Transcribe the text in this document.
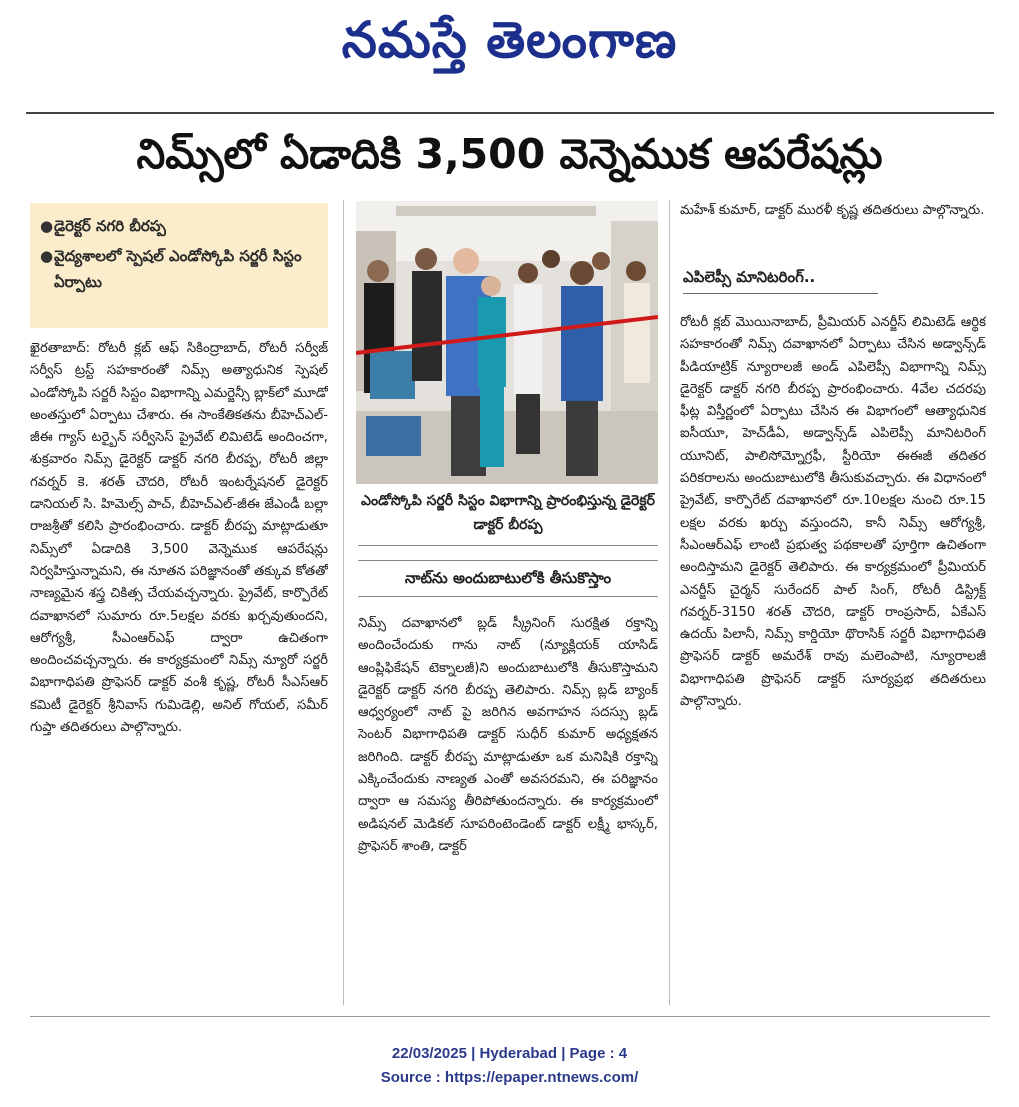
నమస్తే తెలంగాణ
నిమ్స్‌లో ఏడాదికి 3,500 వెన్నెముక ఆపరేషన్లు
● డైరెక్టర్‌ నగరి బీరప్ప
● వైద్యశాలలో స్పెషల్‌ ఎండోస్కోపి సర్జరీ సిస్టం ఏర్పాటు
ఖైరతాబాద్‌: రోటరీ క్లబ్‌ ఆఫ్‌ సికింద్రాబాద్‌, రోటరీ సర్వీజ్‌ సర్వీస్‌ ట్రస్ట్‌ సహకారంతో నిమ్స్‌ అత్యాధునిక స్పెషల్‌ ఎండోస్కోపి సర్జరీ సిస్టం విభాగాన్ని ఎమర్జెన్సీ బ్లాక్‌లో మూడో అంతస్తులో ఏర్పాటు చేశారు. ఈ సాంకేతికతను బీహెచ్‌ఎల్‌-జీఈ గ్యాస్‌ టర్బైన్‌ సర్వీసెస్‌ ప్రైవేట్‌ లిమిటెడ్‌ అందించగా, శుక్రవారం నిమ్స్‌ డైరెక్టర్‌ డాక్టర్‌ నగరి బీరప్ప, రోటరీ జిల్లా గవర్నర్‌ కె. శరత్‌ చౌదరి, రోటరీ ఇంటర్నేషనల్‌ డైరెక్టర్‌ డానియల్‌ సి. హిమెల్స్‌ పాచ్‌, బీహెచ్‌ఎల్‌-జీఈ జేఎండీ బల్లా రాజశ్రీతో కలిసి ప్రారంభించారు. డాక్టర్‌ బీరప్ప మాట్లాడుతూ నిమ్స్‌లో ఏడాదికి 3,500 వెన్నెముక ఆపరేషన్లు నిర్వహిస్తున్నామని, ఈ నూతన పరిజ్ఞానంతో తక్కువ కోతతో నాణ్యమైన శస్త్ర చికిత్స చేయవచ్చన్నారు. ప్రైవేట్‌, కార్పొరేట్‌ దవాఖానలో సుమారు రూ.5లక్షల వరకు ఖర్చవుతుందని, ఆరోగ్యశ్రీ, సీఎంఆర్‌ఎఫ్‌ ద్వారా ఉచితంగా అందించవచ్చన్నారు. ఈ కార్యక్రమంలో నిమ్స్‌ న్యూరో సర్జరీ విభాగాధిపతి ప్రొఫెసర్‌ డాక్టర్‌ వంశీ కృష్ణ, రోటరీ సీఎస్‌ఆర్‌ కమిటీ డైరెక్టర్‌ శ్రీనివాస్‌ గుమిడెల్లి, అనిల్‌ గోయల్‌, సమీర్‌ గుప్తా తదితరులు పాల్గొన్నారు.
ఎండోస్కోపి సర్జరీ సిస్టం విభాగాన్ని ప్రారంభిస్తున్న డైరెక్టర్‌ డాక్టర్‌ బీరప్ప
నాట్‌ను అందుబాటులోకి తీసుకొస్తాం
నిమ్స్‌ దవాఖానలో బ్లడ్‌ స్క్రీనింగ్‌ సురక్షిత రక్తాన్ని అందించేందుకు గాను నాట్‌ (న్యూక్లియక్‌ యాసిడ్‌ ఆంప్లిఫికేషన్‌ టెక్నాలజీ)ని అందుబాటులోకి తీసుకొస్తామని డైరెక్టర్‌ డాక్టర్‌ నగరి బీరప్ప తెలిపారు. నిమ్స్‌ బ్లడ్‌ బ్యాంక్‌ ఆధ్వర్యంలో నాట్‌ పై జరిగిన అవగాహన సదస్సు బ్లడ్‌ సెంటర్‌ విభాగాధిపతి డాక్టర్‌ సుధీర్‌ కుమార్‌ అధ్యక్షతన జరిగింది. డాక్టర్‌ బీరప్ప మాట్లాడుతూ ఒక మనిషికి రక్తాన్ని ఎక్కించేందుకు నాణ్యత ఎంతో అవసరమని, ఈ పరిజ్ఞానం ద్వారా ఆ సమస్య తీరిపోతుందన్నారు. ఈ కార్యక్రమంలో అడిషనల్‌ మెడికల్‌ సూపరింటెండెంట్‌ డాక్టర్‌ లక్ష్మీ భాస్కర్‌, ప్రొఫెసర్‌ శాంతి, డాక్టర్‌
మహేశ్‌ కుమార్‌, డాక్టర్‌ మురళీ కృష్ణ తదితరులు పాల్గొన్నారు.
ఎపిలెప్సీ మానిటరింగ్‌..
రోటరీ క్లబ్‌ మొయినాబాద్‌, ప్రీమియర్‌ ఎనర్జీస్‌ లిమిటెడ్‌ ఆర్థిక సహకారంతో నిమ్స్‌ దవాఖానలో ఏర్పాటు చేసిన అడ్వాన్స్‌డ్‌ పీడియాట్రిక్‌ న్యూరాలజీ అండ్‌ ఎపిలెప్సీ విభాగాన్ని నిమ్స్‌ డైరెక్టర్‌ డాక్టర్‌ నగరి బీరప్ప ప్రారంభించారు. 4వేల చదరపు ఫీట్ల విస్తీర్ణంలో ఏర్పాటు చేసిన ఈ విభాగంలో ఆత్యాధునిక ఐసీయూ, హెచ్‌డీఏ, అడ్వాన్స్‌డ్‌ ఎపిలెప్సీ మానిటరింగ్‌ యూనిట్‌, పాలిసోమ్నోగ్రఫీ, స్టీరియో ఈఈజీ తదితర పరికరాలను అందుబాటులోకి తీసుకువచ్చారు. ఈ విధానంలో ప్రైవేట్‌, కార్పొరేట్‌ దవాఖానలో రూ.10లక్షల నుంచి రూ.15 లక్షల వరకు ఖర్చు వస్తుందని, కానీ నిమ్స్‌ ఆరోగ్యశ్రీ, సీఎంఆర్‌ఎఫ్‌ లాంటి ప్రభుత్వ పథకాలతో పూర్తిగా ఉచితంగా అందిస్తామని డైరెక్టర్‌ తెలిపారు. ఈ కార్యక్రమంలో ప్రీమియర్‌ ఎనర్జీస్‌ చైర్మన్‌ సురేందర్‌ పాల్‌ సింగ్‌, రోటరీ డిస్ట్రిక్ట్‌ గవర్నర్‌-3150 శరత్‌ చౌదరి, డాక్టర్‌ రాంప్రసాద్‌, ఏకేఎస్‌ ఉదయ్‌ పిలానీ, నిమ్స్‌ కార్డియో థొరాసిక్‌ సర్జరీ విభాగాధిపతి ప్రొఫెసర్‌ డాక్టర్‌ అమరేశ్‌ రావు మలెంపాటి, న్యూరాలజీ విభాగాధిపతి ప్రొఫెసర్‌ డాక్టర్‌ సూర్యప్రభ తదితరులు పాల్గొన్నారు.
22/03/2025 | Hyderabad | Page : 4
Source : https://epaper.ntnews.com/
